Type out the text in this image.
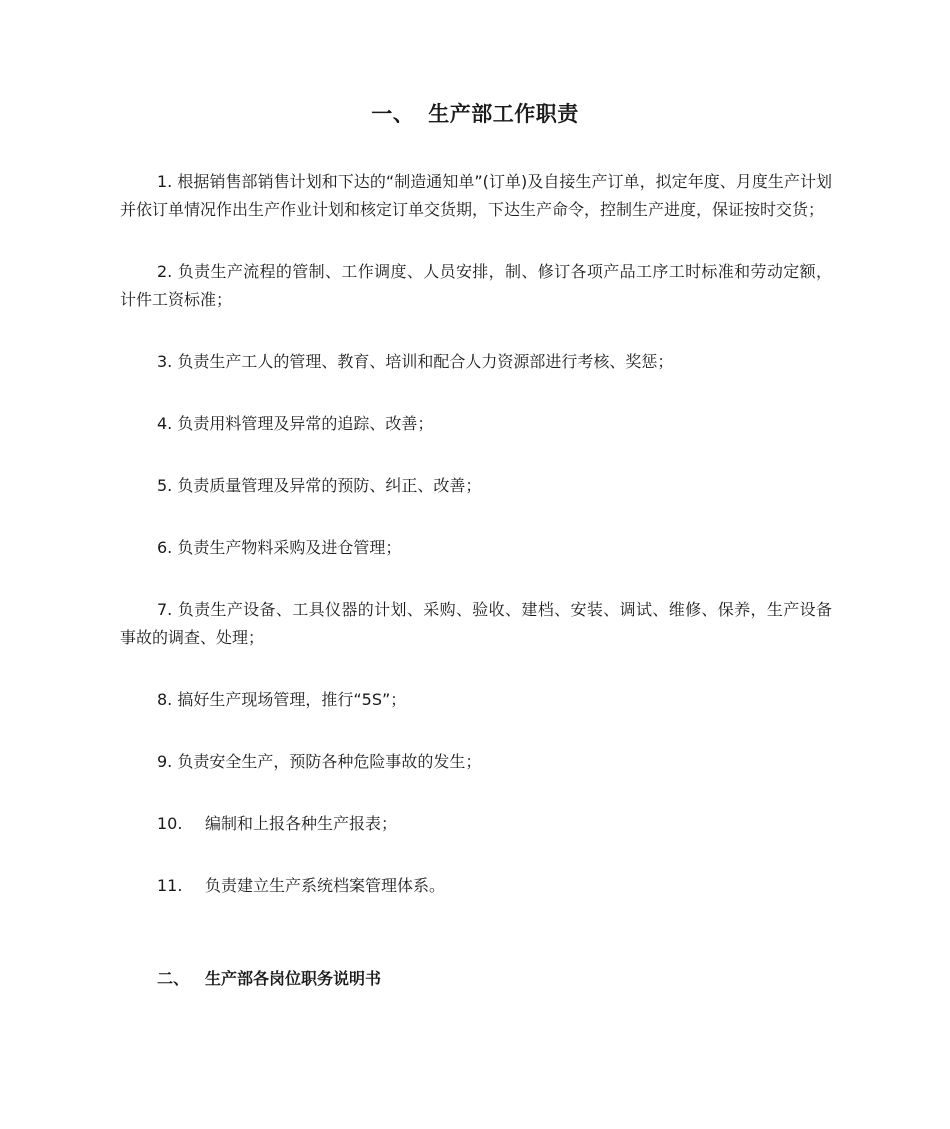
一、 生产部工作职责

1. 根据销售部销售计划和下达的“制造通知单”(订单)及自接生产订单，拟定年度、月度生产计划并依订单情况作出生产作业计划和核定订单交货期，下达生产命令，控制生产进度，保证按时交货；

2. 负责生产流程的管制、工作调度、人员安排，制、修订各项产品工序工时标准和劳动定额，计件工资标准；

3. 负责生产工人的管理、教育、培训和配合人力资源部进行考核、奖惩；

4. 负责用料管理及异常的追踪、改善；

5. 负责质量管理及异常的预防、纠正、改善；

6. 负责生产物料采购及进仓管理；

7. 负责生产设备、工具仪器的计划、采购、验收、建档、安装、调试、维修、保养，生产设备事故的调查、处理；

8. 搞好生产现场管理，推行“5S”；

9. 负责安全生产，预防各种危险事故的发生；

10. 编制和上报各种生产报表；

11. 负责建立生产系统档案管理体系。

二、 生产部各岗位职务说明书
